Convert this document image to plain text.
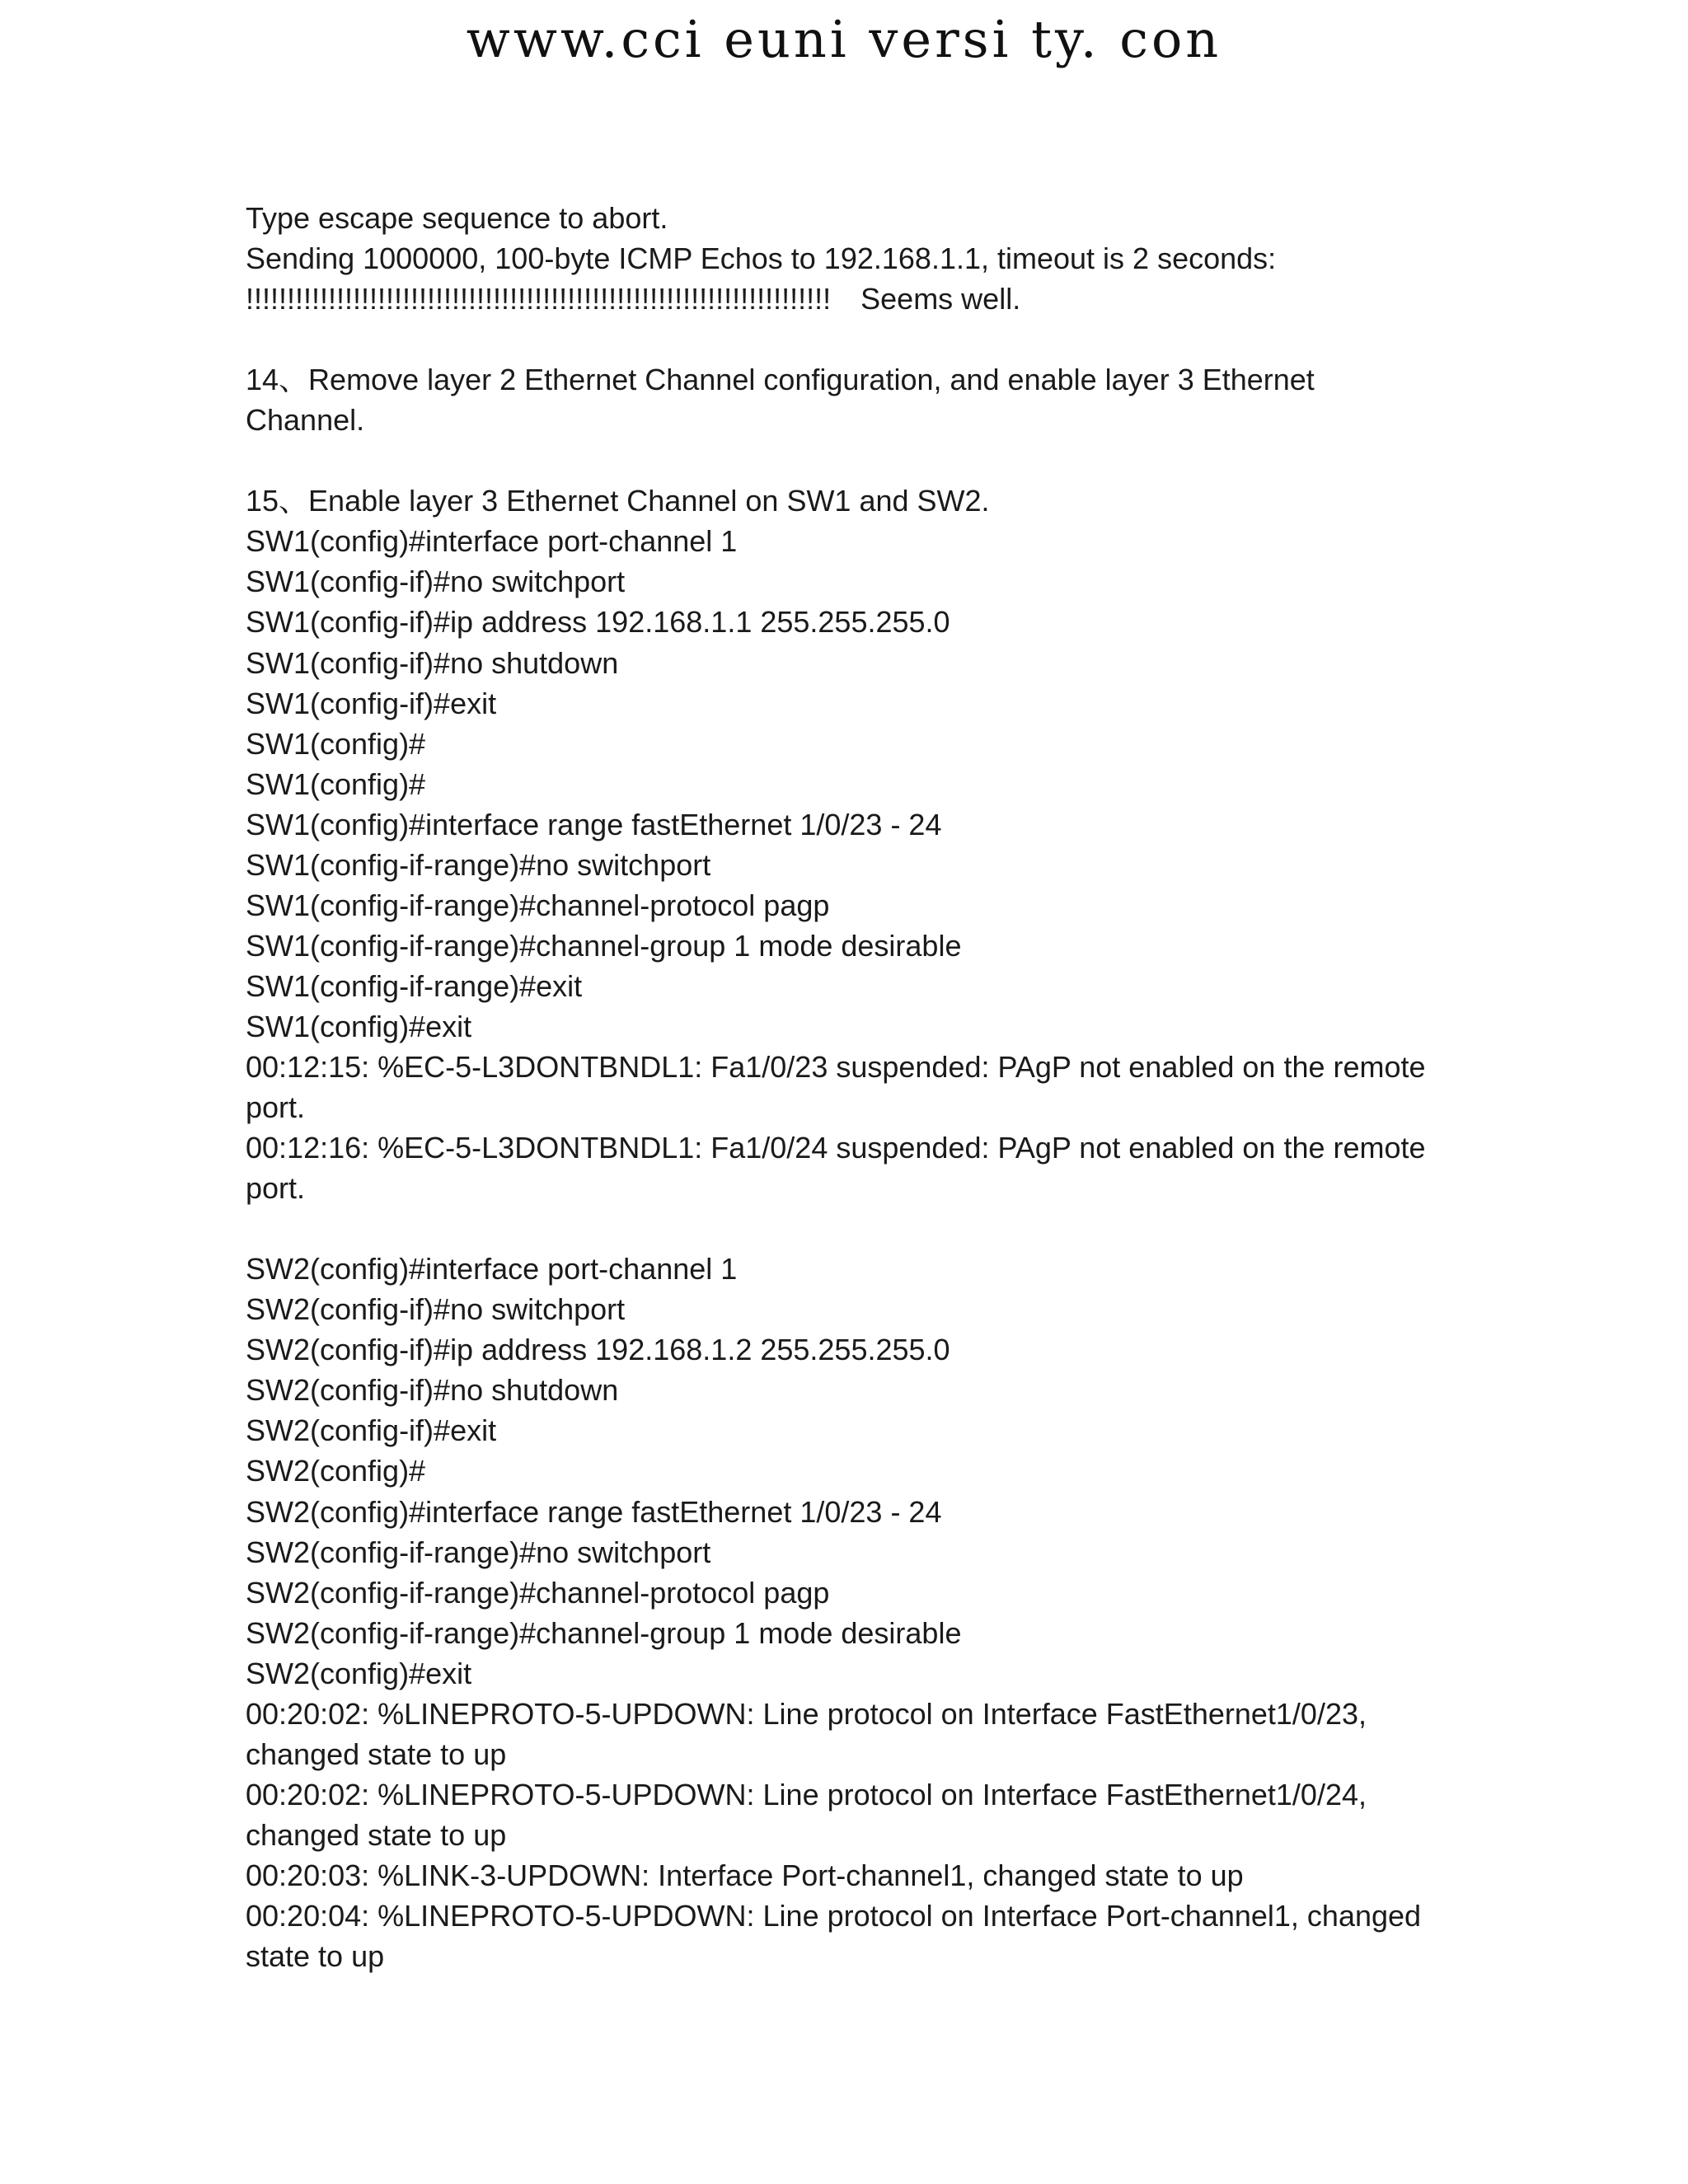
www.cci euni versi ty. con
Type escape sequence to abort.
Sending 1000000, 100-byte ICMP Echos to 192.168.1.1, timeout is 2 seconds:
!!!!!!!!!!!!!!!!!!!!!!!!!!!!!!!!!!!!!!!!!!!!!!!!!!!!!!!!!!!!!!!!!!!!!!! Seems well.
14、Remove layer 2 Ethernet Channel configuration, and enable layer 3 Ethernet
Channel.
15、Enable layer 3 Ethernet Channel on SW1 and SW2.
SW1(config)#interface port-channel 1
SW1(config-if)#no switchport
SW1(config-if)#ip address 192.168.1.1 255.255.255.0
SW1(config-if)#no shutdown
SW1(config-if)#exit
SW1(config)#
SW1(config)#
SW1(config)#interface range fastEthernet 1/0/23 - 24
SW1(config-if-range)#no switchport
SW1(config-if-range)#channel-protocol pagp
SW1(config-if-range)#channel-group 1 mode desirable
SW1(config-if-range)#exit
SW1(config)#exit
00:12:15: %EC-5-L3DONTBNDL1: Fa1/0/23 suspended: PAgP not enabled on the remote
port.
00:12:16: %EC-5-L3DONTBNDL1: Fa1/0/24 suspended: PAgP not enabled on the remote
port.
SW2(config)#interface port-channel 1
SW2(config-if)#no switchport
SW2(config-if)#ip address 192.168.1.2 255.255.255.0
SW2(config-if)#no shutdown
SW2(config-if)#exit
SW2(config)#
SW2(config)#interface range fastEthernet 1/0/23 - 24
SW2(config-if-range)#no switchport
SW2(config-if-range)#channel-protocol pagp
SW2(config-if-range)#channel-group 1 mode desirable
SW2(config)#exit
00:20:02: %LINEPROTO-5-UPDOWN: Line protocol on Interface FastEthernet1/0/23,
changed state to up
00:20:02: %LINEPROTO-5-UPDOWN: Line protocol on Interface FastEthernet1/0/24,
changed state to up
00:20:03: %LINK-3-UPDOWN: Interface Port-channel1, changed state to up
00:20:04: %LINEPROTO-5-UPDOWN: Line protocol on Interface Port-channel1, changed
state to up
